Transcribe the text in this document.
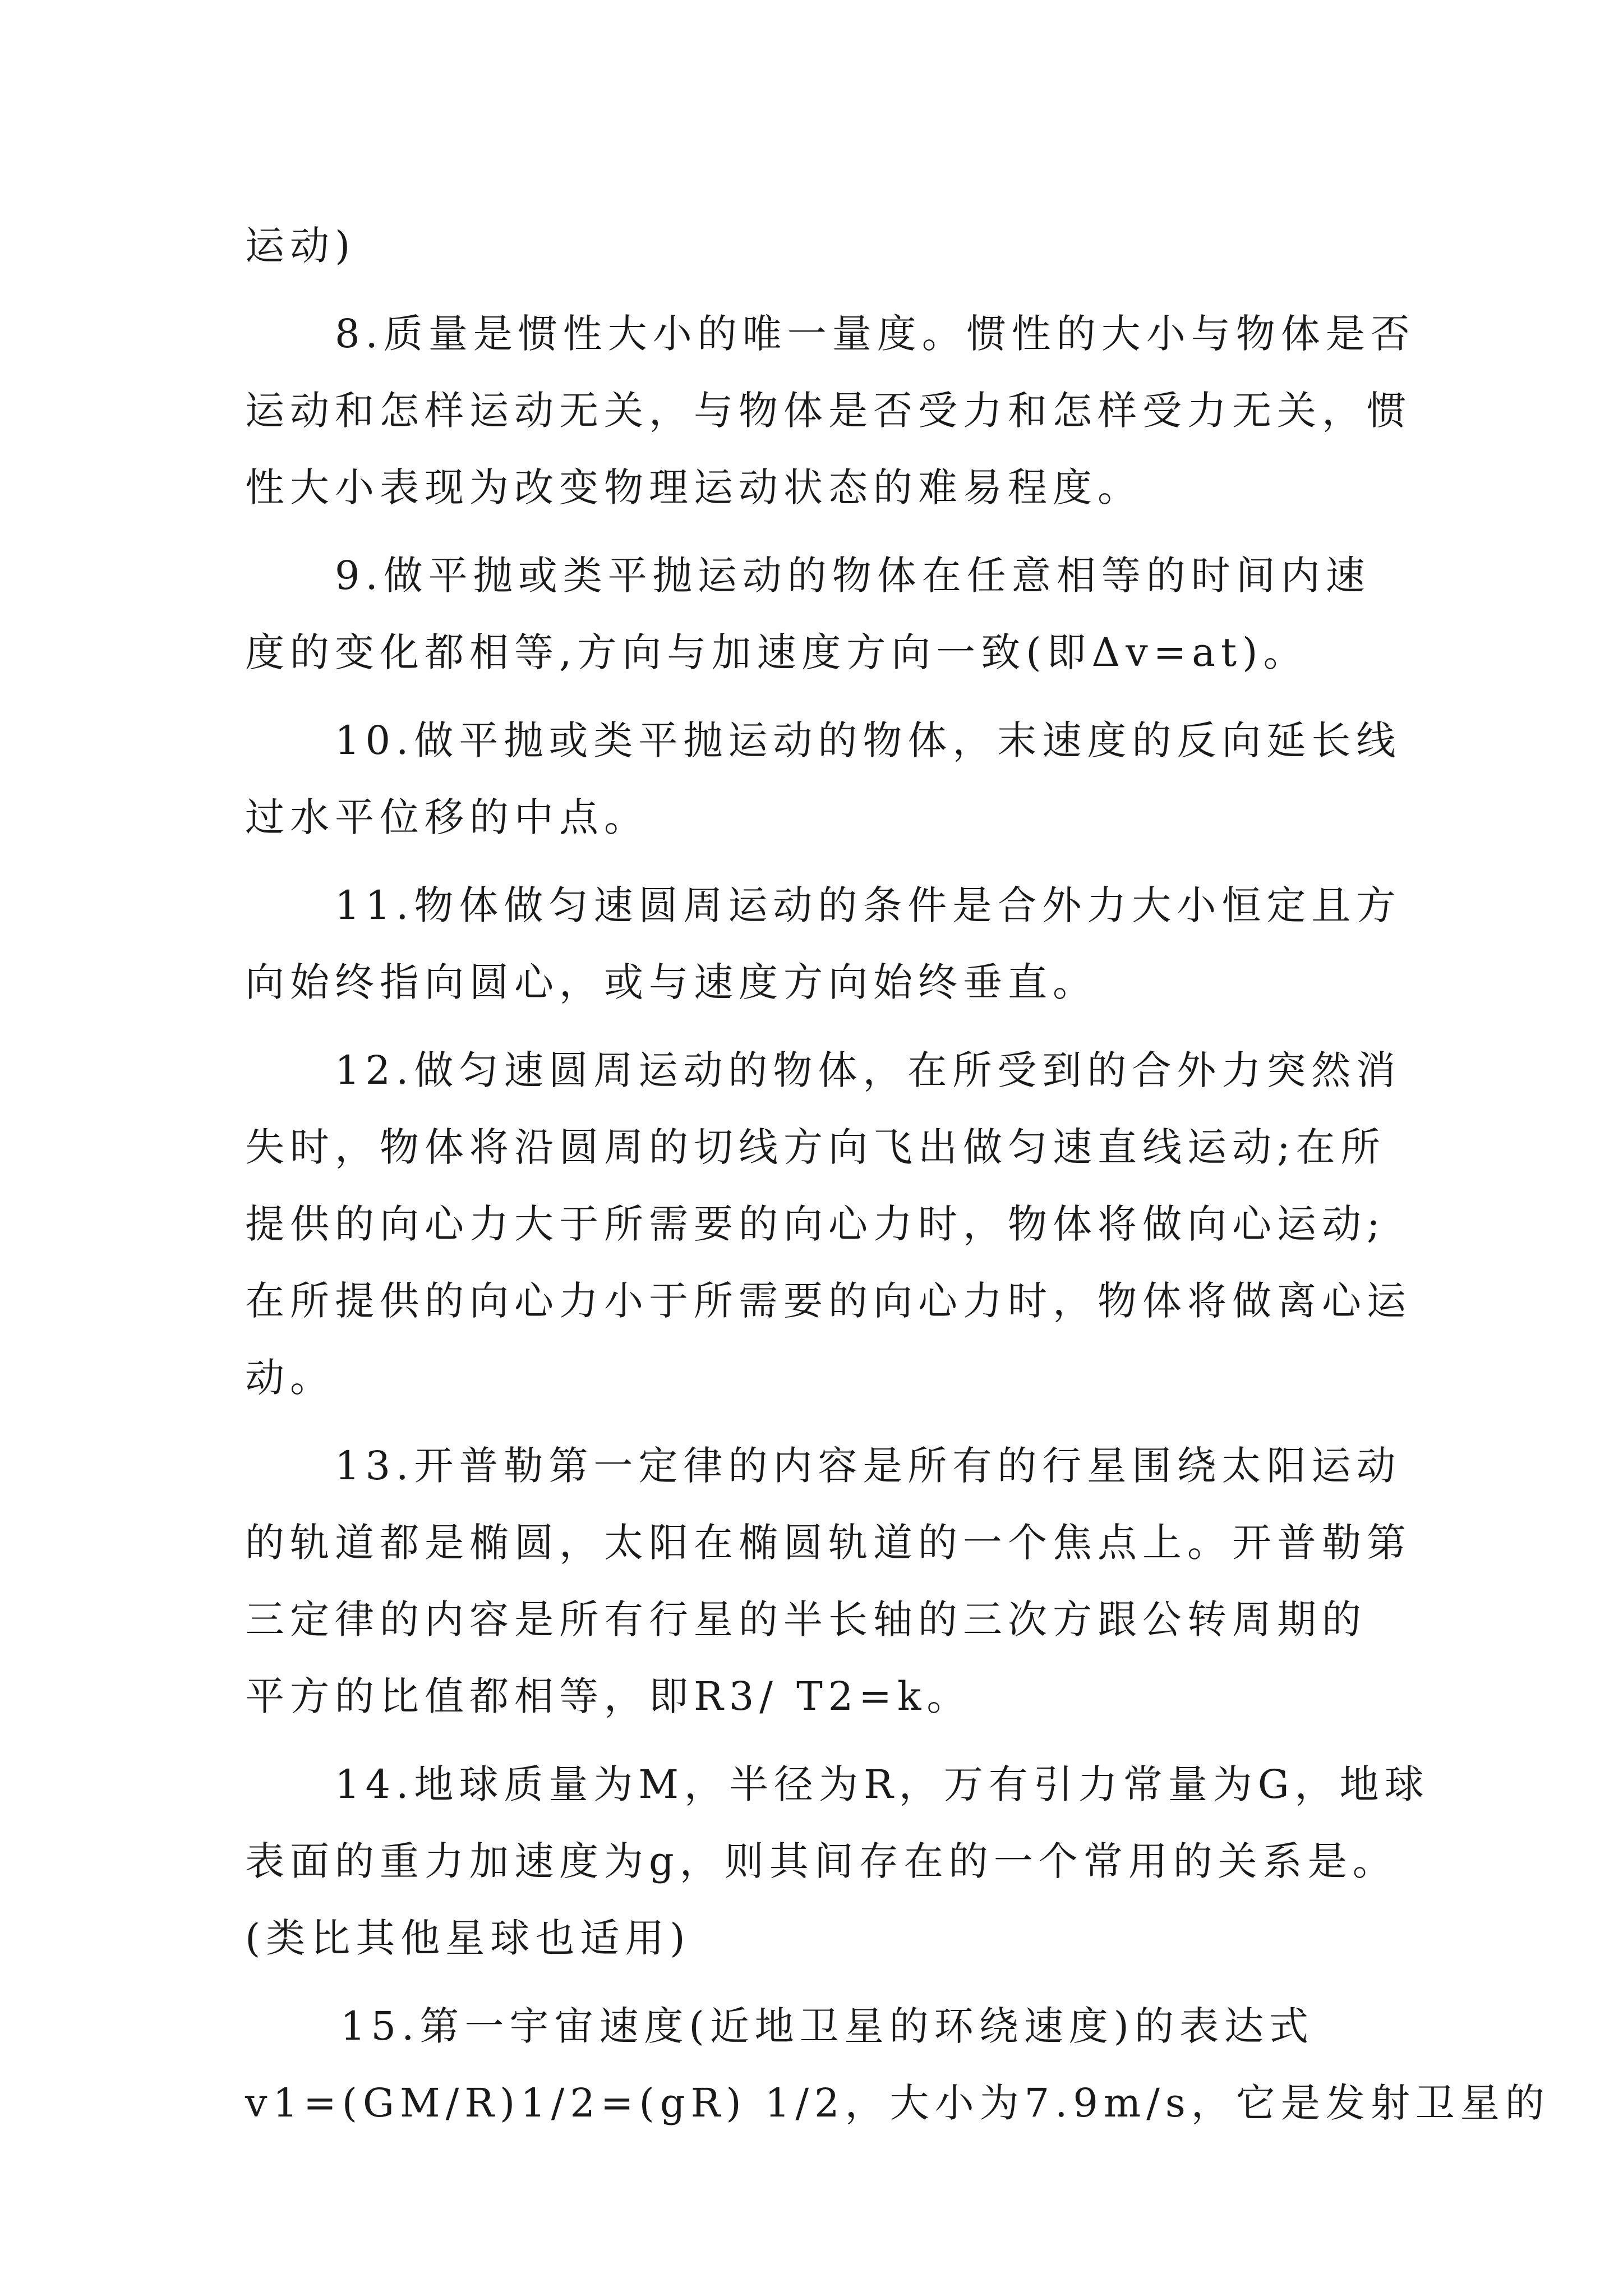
运动)
8.质量是惯性大小的唯一量度。惯性的大小与物体是否
运动和怎样运动无关，与物体是否受力和怎样受力无关，惯
性大小表现为改变物理运动状态的难易程度。
9.做平抛或类平抛运动的物体在任意相等的时间内速
度的变化都相等,方向与加速度方向一致(即Δv=at)。
10.做平抛或类平抛运动的物体，末速度的反向延长线
过水平位移的中点。
11.物体做匀速圆周运动的条件是合外力大小恒定且方
向始终指向圆心，或与速度方向始终垂直。
12.做匀速圆周运动的物体，在所受到的合外力突然消
失时，物体将沿圆周的切线方向飞出做匀速直线运动;在所
提供的向心力大于所需要的向心力时，物体将做向心运动;
在所提供的向心力小于所需要的向心力时，物体将做离心运
动。
13.开普勒第一定律的内容是所有的行星围绕太阳运动
的轨道都是椭圆，太阳在椭圆轨道的一个焦点上。开普勒第
三定律的内容是所有行星的半长轴的三次方跟公转周期的
平方的比值都相等，即R3/ T2=k。
14.地球质量为M，半径为R，万有引力常量为G，地球
表面的重力加速度为g，则其间存在的一个常用的关系是。
(类比其他星球也适用)
15.第一宇宙速度(近地卫星的环绕速度)的表达式
v1=(GM/R)1/2=(gR) 1/2，大小为7.9m/s，它是发射卫星的
